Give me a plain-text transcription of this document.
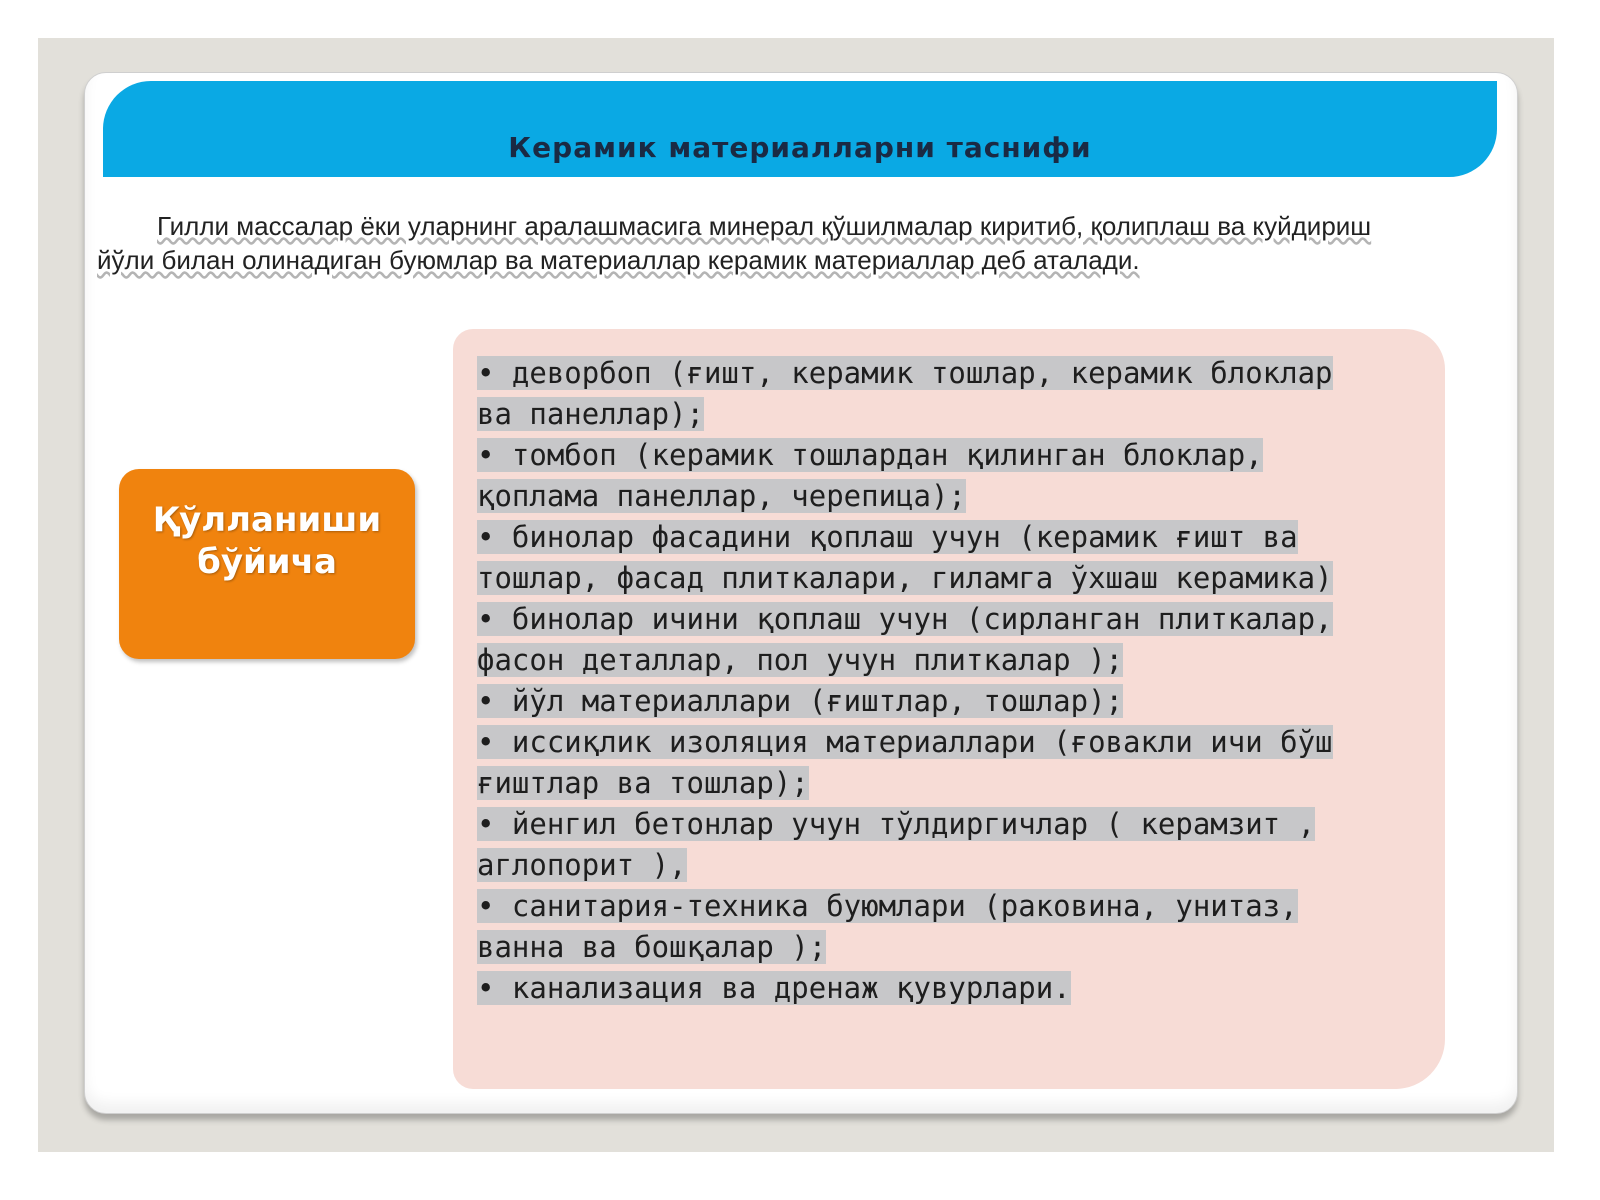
Керамик материалларни таснифи
Гилли массалар ёки уларнинг аралашмасига минерал қўшилмалар киритиб, қолиплаш ва куйдириш йўли билан олинадиган буюмлар ва материаллар керамик материаллар деб аталади.
Қўлланиши
бўйича

• деворбоп (ғишт, керамик тошлар, керамик блоклар ва панеллар);

• томбоп (керамик тошлардан қилинган блоклар, қоплама панеллар, черепица);

• бинолар фасадини қоплаш учун (керамик ғишт ва тошлар, фасад плиткалари, гиламга ўхшаш керамика)

• бинолар ичини қоплаш учун (сирланган плиткалар, фасон деталлар, пол учун плиткалар );

• йўл материаллари (ғиштлар, тошлар);

• иссиқлик изоляция материаллари (ғовакли ичи бўш ғиштлар ва тошлар);

• йенгил бетонлар учун тўлдиргичлар ( керамзит , аглопорит ),

• санитария-техника буюмлари (раковина, унитаз, ванна ва бошқалар );

• канализация ва дренаж қувурлари.
